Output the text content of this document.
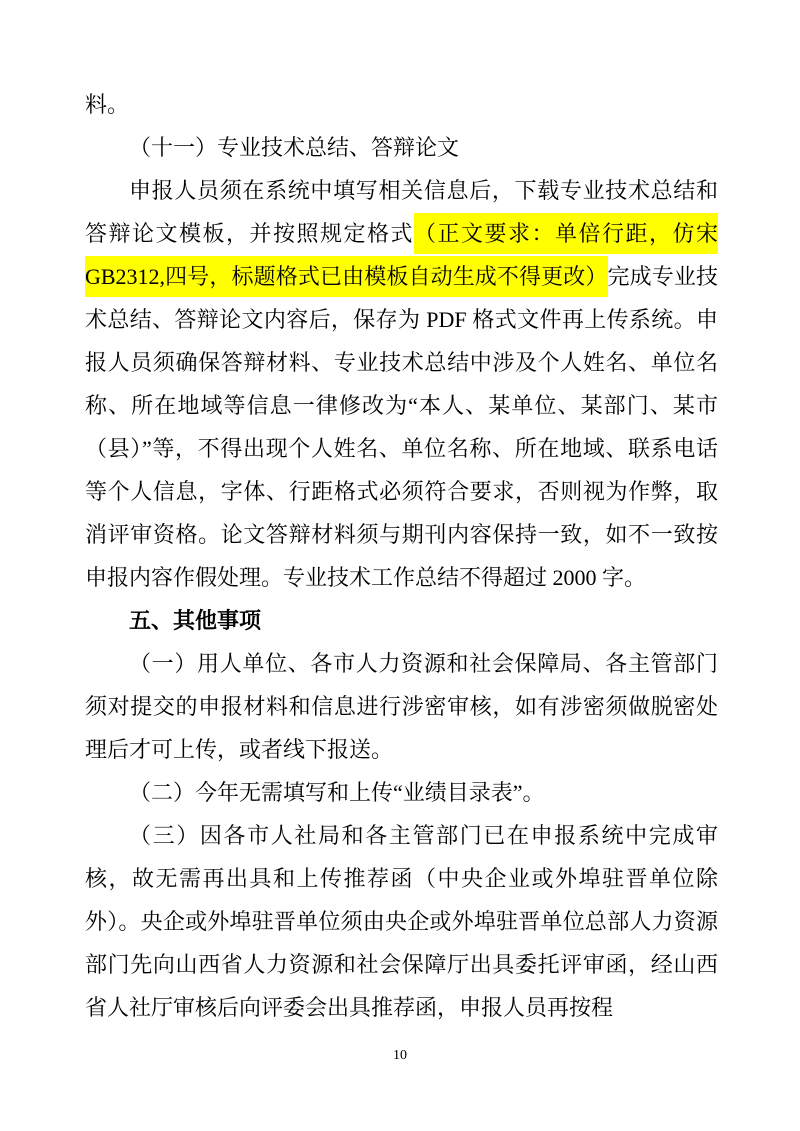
料。

（十一）专业技术总结、答辩论文

申报人员须在系统中填写相关信息后，下载专业技术总结和答辩论文模板，并按照规定格式（正文要求：单倍行距，仿宋 GB2312,四号，标题格式已由模板自动生成不得更改）完成专业技术总结、答辩论文内容后，保存为 PDF 格式文件再上传系统。申报人员须确保答辩材料、专业技术总结中涉及个人姓名、单位名称、所在地域等信息一律修改为“本人、某单位、某部门、某市（县）”等，不得出现个人姓名、单位名称、所在地域、联系电话等个人信息，字体、行距格式必须符合要求，否则视为作弊，取消评审资格。论文答辩材料须与期刊内容保持一致，如不一致按申报内容作假处理。专业技术工作总结不得超过 2000 字。

五、其他事项

（一）用人单位、各市人力资源和社会保障局、各主管部门须对提交的申报材料和信息进行涉密审核，如有涉密须做脱密处理后才可上传，或者线下报送。

（二）今年无需填写和上传“业绩目录表”。

（三）因各市人社局和各主管部门已在申报系统中完成审核，故无需再出具和上传推荐函（中央企业或外埠驻晋单位除外）。央企或外埠驻晋单位须由央企或外埠驻晋单位总部人力资源部门先向山西省人力资源和社会保障厅出具委托评审函，经山西省人社厅审核后向评委会出具推荐函，申报人员再按程

10
